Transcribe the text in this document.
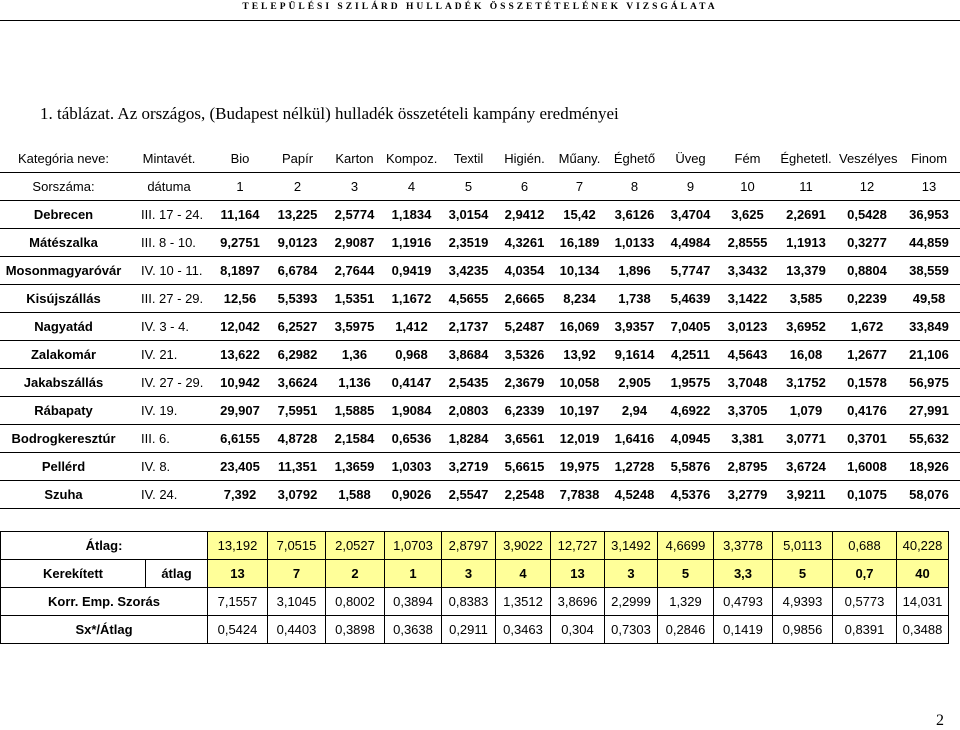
TELEPÜLÉSI SZILÁRD HULLADÉK ÖSSZETÉTELÉNEK VIZSGÁLATA
1. táblázat. Az országos, (Budapest nélkül) hulladék összetételi kampány eredményei
Kategória neve:	Mintavét.	Bio	Papír	Karton	Kompoz.	Textil	Higién.	Műany.	Éghető	Üveg	Fém	Éghetetl.	Veszélyes	Finom
Sorszáma:	dátuma	1	2	3	4	5	6	7	8	9	10	11	12	13
Debrecen	III. 17 - 24.	11,164	13,225	2,5774	1,1834	3,0154	2,9412	15,42	3,6126	3,4704	3,625	2,2691	0,5428	36,953
Mátészalka	III. 8 - 10.	9,2751	9,0123	2,9087	1,1916	2,3519	4,3261	16,189	1,0133	4,4984	2,8555	1,1913	0,3277	44,859
Mosonmagyaróvár	IV. 10 - 11.	8,1897	6,6784	2,7644	0,9419	3,4235	4,0354	10,134	1,896	5,7747	3,3432	13,379	0,8804	38,559
Kisújszállás	III. 27 - 29.	12,56	5,5393	1,5351	1,1672	4,5655	2,6665	8,234	1,738	5,4639	3,1422	3,585	0,2239	49,58
Nagyatád	IV. 3 - 4.	12,042	6,2527	3,5975	1,412	2,1737	5,2487	16,069	3,9357	7,0405	3,0123	3,6952	1,672	33,849
Zalakomár	IV. 21.	13,622	6,2982	1,36	0,968	3,8684	3,5326	13,92	9,1614	4,2511	4,5643	16,08	1,2677	21,106
Jakabszállás	IV. 27 - 29.	10,942	3,6624	1,136	0,4147	2,5435	2,3679	10,058	2,905	1,9575	3,7048	3,1752	0,1578	56,975
Rábapaty	IV. 19.	29,907	7,5951	1,5885	1,9084	2,0803	6,2339	10,197	2,94	4,6922	3,3705	1,079	0,4176	27,991
Bodrogkeresztúr	III. 6.	6,6155	4,8728	2,1584	0,6536	1,8284	3,6561	12,019	1,6416	4,0945	3,381	3,0771	0,3701	55,632
Pellérd	IV. 8.	23,405	11,351	1,3659	1,0303	3,2719	5,6615	19,975	1,2728	5,5876	2,8795	3,6724	1,6008	18,926
Szuha	IV. 24.	7,392	3,0792	1,588	0,9026	2,5547	2,2548	7,7838	4,5248	4,5376	3,2779	3,9211	0,1075	58,076
Átlag:		13,192	7,0515	2,0527	1,0703	2,8797	3,9022	12,727	3,1492	4,6699	3,3778	5,0113	0,688	40,228
Kerekített	átlag	13	7	2	1	3	4	13	3	5	3,3	5	0,7	40
Korr. Emp. Szorás		7,1557	3,1045	0,8002	0,3894	0,8383	1,3512	3,8696	2,2999	1,329	0,4793	4,9393	0,5773	14,031
Sx*/Átlag		0,5424	0,4403	0,3898	0,3638	0,2911	0,3463	0,304	0,7303	0,2846	0,1419	0,9856	0,8391	0,3488
2
